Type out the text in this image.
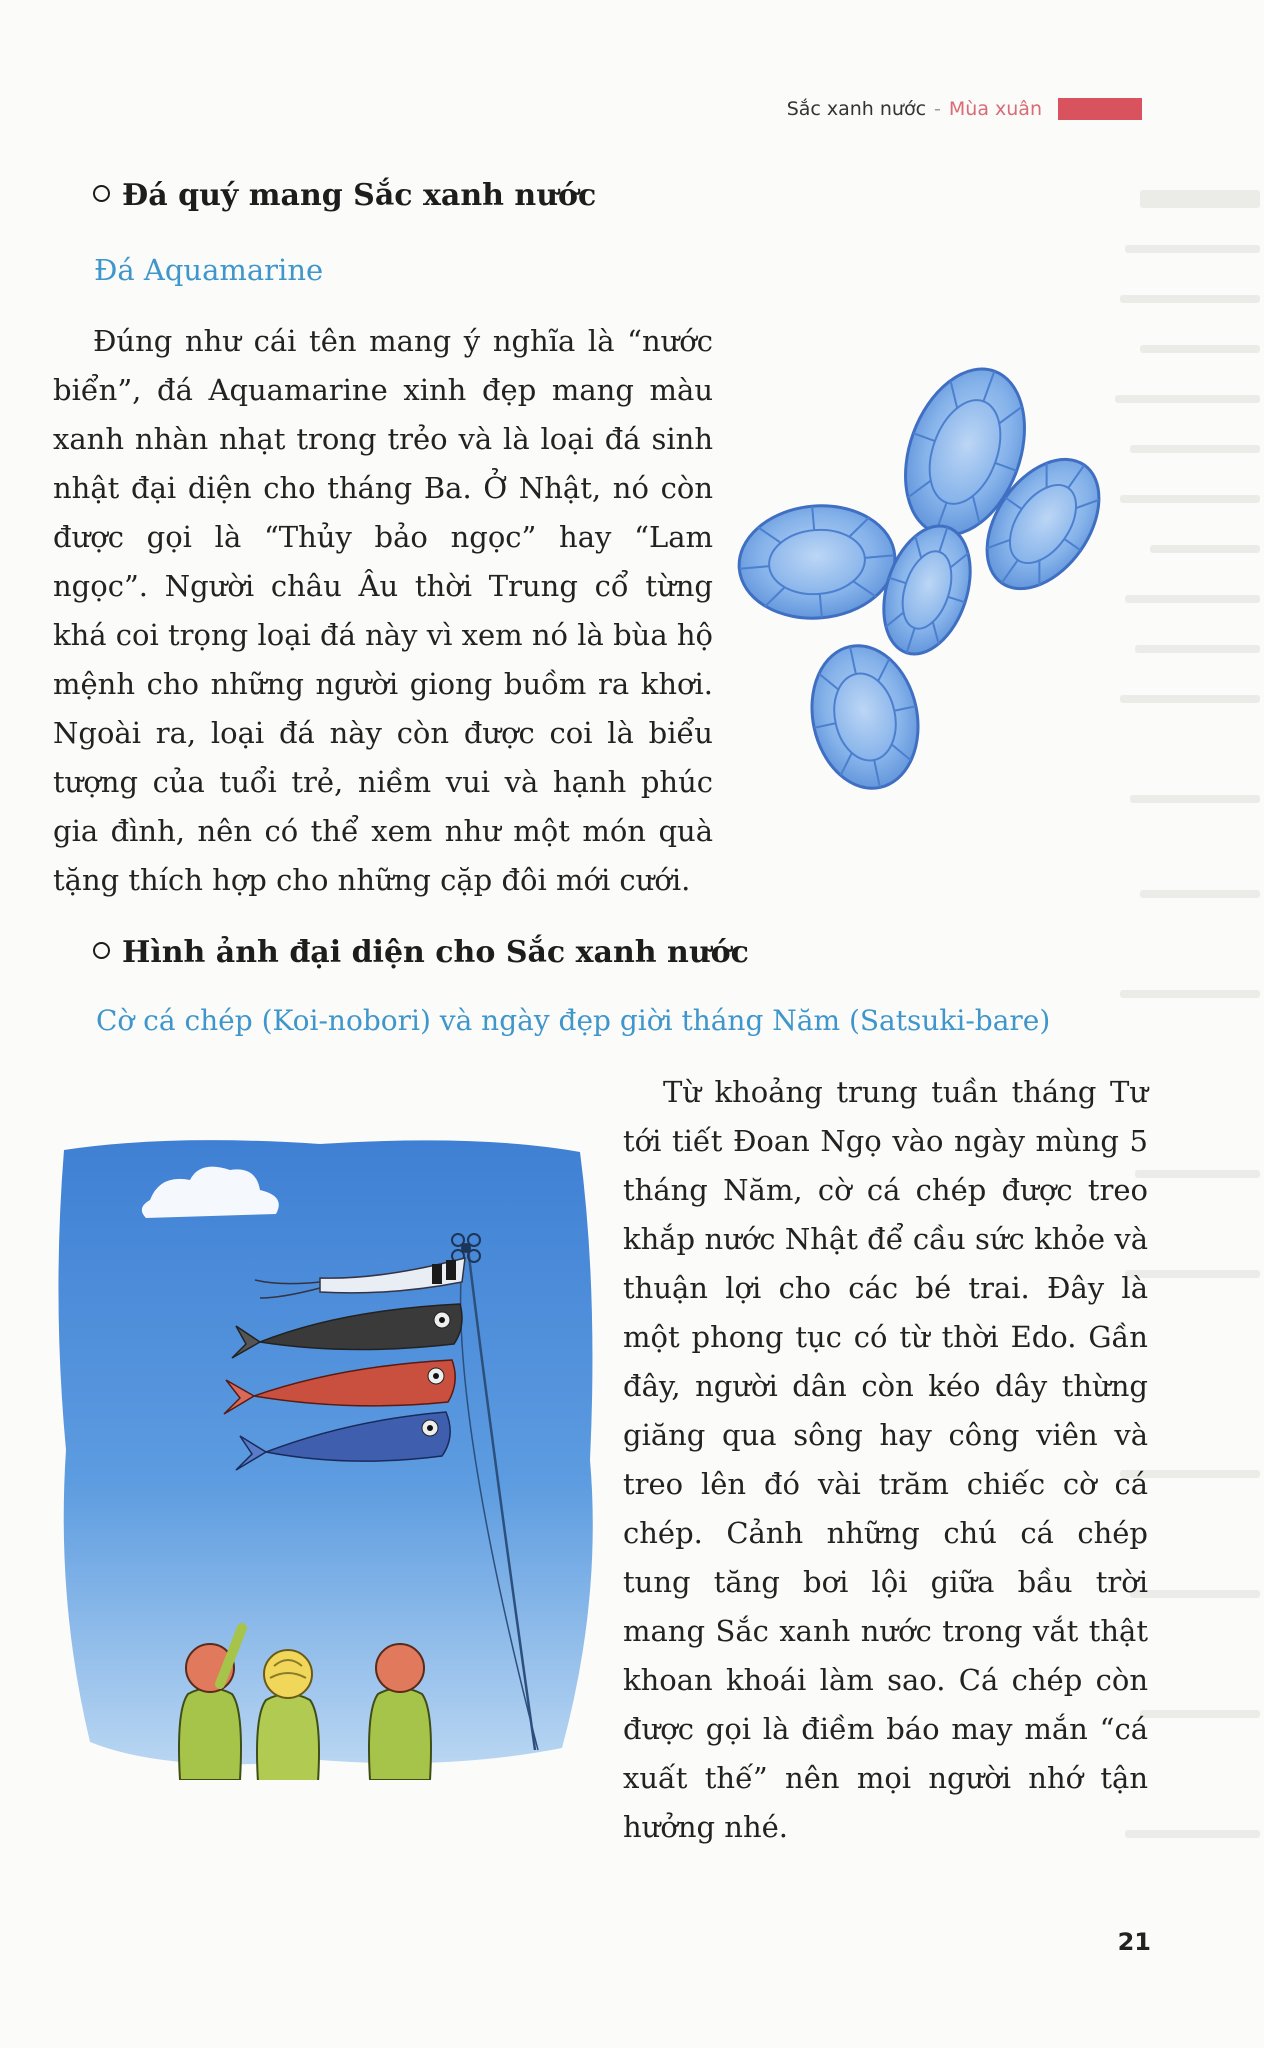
Sắc xanh nước - Mùa xuân
Đá quý mang Sắc xanh nước
Đá Aquamarine

Đúng như cái tên mang ý nghĩa là “nước biển”, đá Aquamarine xinh đẹp mang màu xanh nhàn nhạt trong trẻo và là loại đá sinh nhật đại diện cho tháng Ba. Ở Nhật, nó còn được gọi là “Thủy bảo ngọc” hay “Lam ngọc”. Người châu Âu thời Trung cổ từng khá coi trọng loại đá này vì xem nó là bùa hộ mệnh cho những người giong buồm ra khơi. Ngoài ra, loại đá này còn được coi là biểu tượng của tuổi trẻ, niềm vui và hạnh phúc gia đình, nên có thể xem như một món quà tặng thích hợp cho những cặp đôi mới cưới.

Hình ảnh đại diện cho Sắc xanh nước
Cờ cá chép (Koi-nobori) và ngày đẹp giời tháng Năm (Satsuki-bare)

Từ khoảng trung tuần tháng Tư tới tiết Đoan Ngọ vào ngày mùng 5 tháng Năm, cờ cá chép được treo khắp nước Nhật để cầu sức khỏe và thuận lợi cho các bé trai. Đây là một phong tục có từ thời Edo. Gần đây, người dân còn kéo dây thừng giăng qua sông hay công viên và treo lên đó vài trăm chiếc cờ cá chép. Cảnh những chú cá chép tung tăng bơi lội giữa bầu trời mang Sắc xanh nước trong vắt thật khoan khoái làm sao. Cá chép còn được gọi là điềm báo may mắn “cá xuất thế” nên mọi người nhớ tận hưởng nhé.

21
